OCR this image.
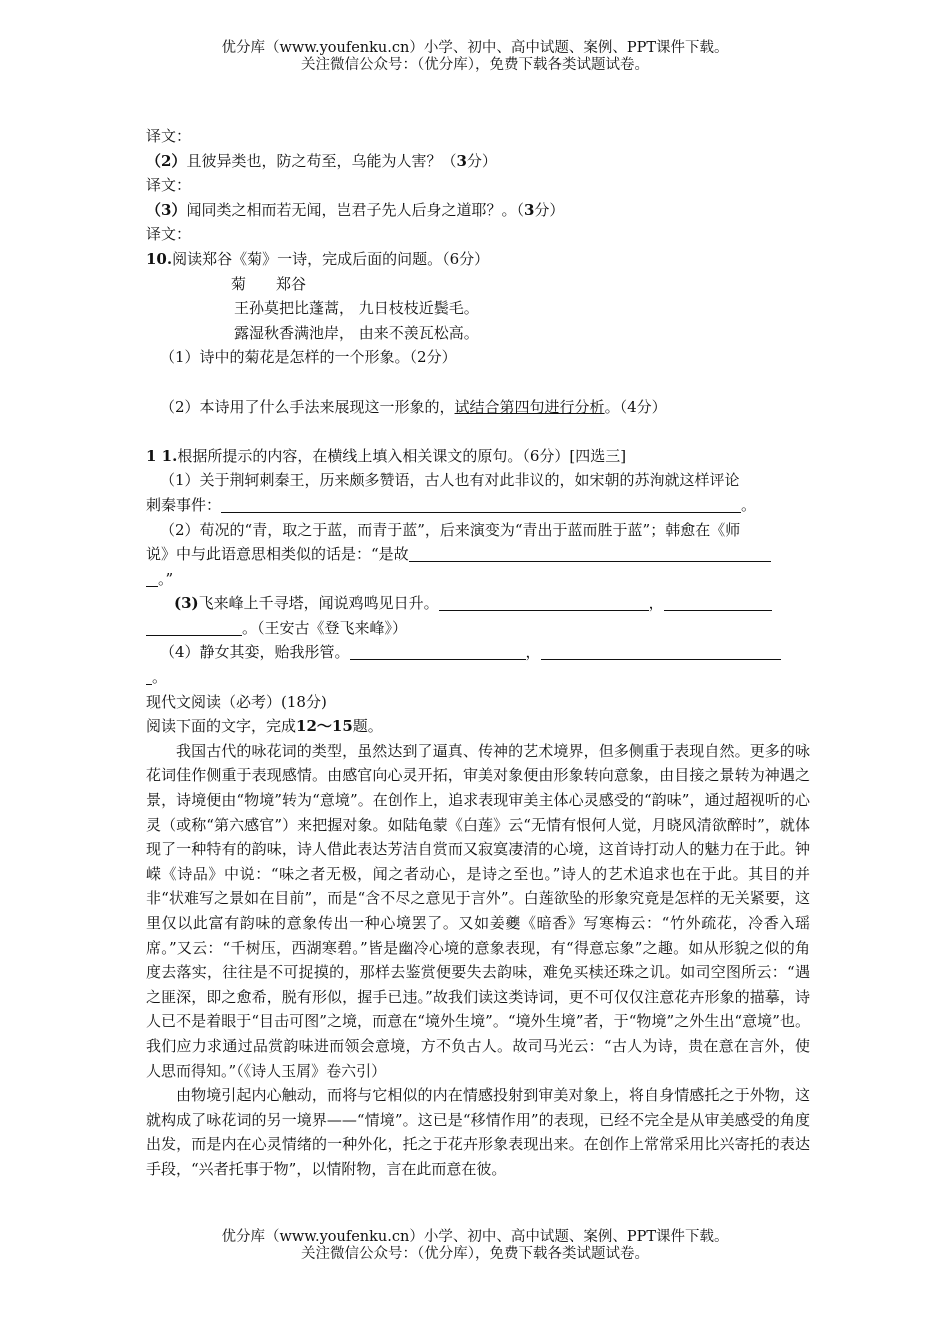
优分库（www.youfenku.cn）小学、初中、高中试题、案例、PPT课件下载。
关注微信公众号：（优分库），免费下载各类试题试卷。
译文：
（2）且彼异类也，防之苟至，乌能为人害？（3分）
译文：
（3）闻同类之相而若无闻，岂君子先人后身之道耶？。（3分）
译文：
10.阅读郑谷《菊》一诗，完成后面的问题。（6分）
菊　　郑谷
王孙莫把比蓬蒿， 九日枝枝近鬓毛。
露湿秋香满池岸， 由来不羡瓦松高。
（1）诗中的菊花是怎样的一个形象。（2分）
（2）本诗用了什么手法来展现这一形象的，试结合第四句进行分析。（4分）
1 1.根据所提示的内容，在横线上填入相关课文的原句。（6分）[四选三]
（1）关于荆轲刺秦王，历来颇多赞语，古人也有对此非议的，如宋朝的苏洵就这样评论
刺秦事件：	。
（2）荀况的“青，取之于蓝，而青于蓝”，后来演变为“青出于蓝而胜于蓝”；韩愈在《师
说》中与此语意思相类似的话是：“是故
。”
(3)飞来峰上千寻塔，闻说鸡鸣见日升。	，
。（王安古《登飞来峰》）
（4）静女其娈，贻我彤管。	，
。
现代文阅读（必考）(18分)
阅读下面的文字，完成12～15题。
我国古代的咏花词的类型，虽然达到了逼真、传神的艺术境界，但多侧重于表现自然。更多的咏花词佳作侧重于表现感情。由感官向心灵开拓，审美对象便由形象转向意象，由目接之景转为神遇之景，诗境便由“物境”转为“意境”。在创作上，追求表现审美主体心灵感受的“韵味”，通过超视听的心灵（或称“第六感官”）来把握对象。如陆龟蒙《白莲》云“无情有恨何人觉，月晓风清欲醉时”，就体现了一种特有的韵味，诗人借此表达芳洁自赏而又寂寞凄清的心境，这首诗打动人的魅力在于此。钟嵘《诗品》中说：“味之者无极，闻之者动心，是诗之至也。”诗人的艺术追求也在于此。其目的并非“状难写之景如在目前”，而是“含不尽之意见于言外”。白莲欲坠的形象究竟是怎样的无关紧要，这里仅以此富有韵味的意象传出一种心境罢了。又如姜夔《暗香》写寒梅云：“竹外疏花，冷香入瑶席。”又云：“千树压，西湖寒碧。”皆是幽冷心境的意象表现，有“得意忘象”之趣。如从形貌之似的角度去落实，往往是不可捉摸的，那样去鉴赏便要失去韵味，难免买椟还珠之讥。如司空图所云：“遇之匪深，即之愈希，脱有形似，握手已违。”故我们读这类诗词，更不可仅仅注意花卉形象的描摹，诗人已不是着眼于“目击可图”之境，而意在“境外生境”。“境外生境”者，于“物境”之外生出“意境”也。我们应力求通过品赏韵味进而领会意境，方不负古人。故司马光云：“古人为诗，贵在意在言外，使人思而得知。”（《诗人玉屑》卷六引）
由物境引起内心触动，而将与它相似的内在情感投射到审美对象上，将自身情感托之于外物，这就构成了咏花词的另一境界——“情境”。这已是“移情作用”的表现，已经不完全是从审美感受的角度出发，而是内在心灵情绪的一种外化，托之于花卉形象表现出来。在创作上常常采用比兴寄托的表达手段，“兴者托事于物”，以情附物，言在此而意在彼。
优分库（www.youfenku.cn）小学、初中、高中试题、案例、PPT课件下载。
关注微信公众号：（优分库），免费下载各类试题试卷。
